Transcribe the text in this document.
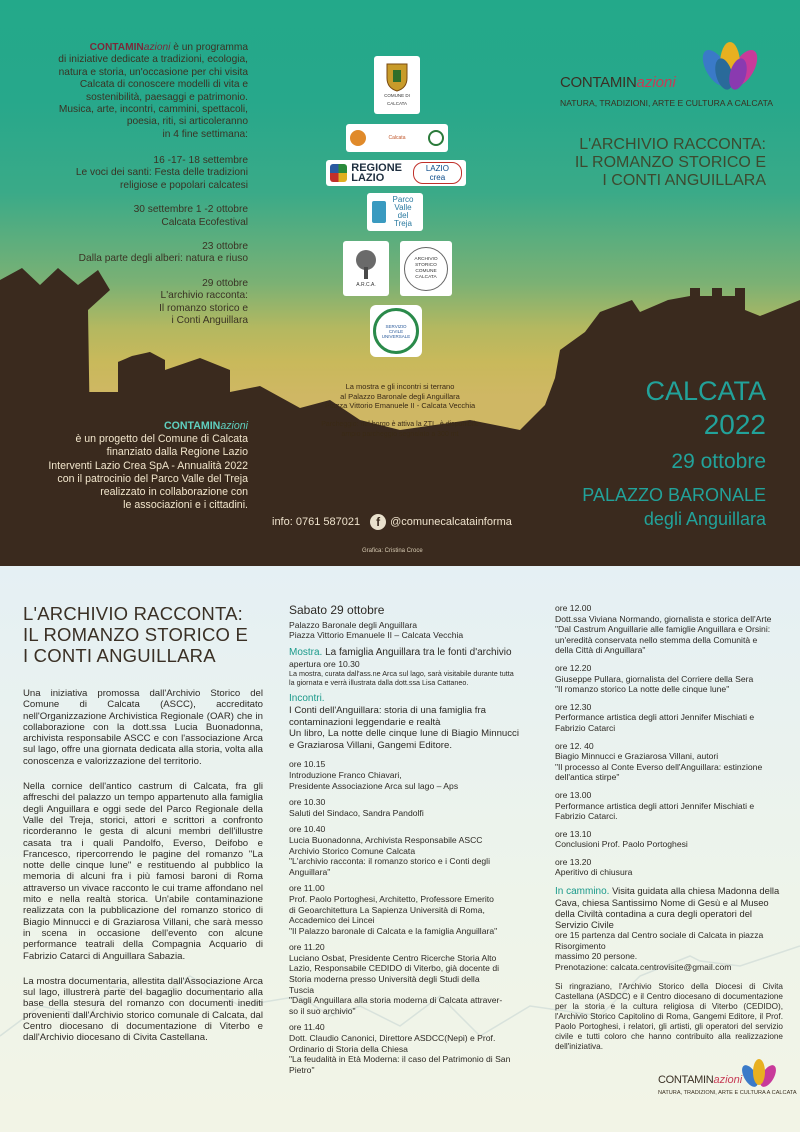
CONTAMINazioni è un programma
di iniziative dedicate a tradizioni, ecologia,
natura e storia, un'occasione per chi visita
Calcata di conoscere modelli di vita e
sostenibilità, paesaggi e patrimonio.
Musica, arte, incontri, cammini, spettacoli,
poesia, riti, si articoleranno
in 4 fine settimana:
16 -17- 18 settembre
Le voci dei santi: Festa delle tradizioni
religiose e popolari calcatesi
30 settembre 1 -2 ottobre
Calcata Ecofestival
23 ottobre
Dalla parte degli alberi: natura e riuso
29 ottobre
L'archivio racconta:
Il romanzo storico e
i Conti Anguillara
CONTAMINazioni
è un progetto del Comune di Calcata
finanziato dalla Regione Lazio
Interventi Lazio Crea SpA - Annualità 2022
con il patrocinio del Parco Valle del Treja
realizzato in collaborazione con
le associazioni e i cittadini.
COMUNE DI CALCATA
Calcata
REGIONE LAZIO
LAZIO crea
Parco Valle del Treja
A.R.C.A.
ARCHIVIO STORICO COMUNE CALCATA
SERVIZIO CIVILE UNIVERSALE
La mostra e gli incontri si terrano
al Palazzo Baronale degli Anguillara
Piazza Vittorio Emanuele II - Calcata Vecchia
Parcheggio: nel borgo è attiva la ZTL, è disponibile
ampio parcheggio segnalato a 300 mt
info: 0761 587021	f @comunecalcatainforma
Grafica: Cristina Croce
CONTAMIN azioni
NATURA, TRADIZIONI, ARTE E CULTURA A CALCATA
L'ARCHIVIO RACCONTA:
IL ROMANZO STORICO E
I CONTI ANGUILLARA
CALCATA
2022
29 ottobre
PALAZZO BARONALE
degli Anguillara
L'ARCHIVIO RACCONTA:
IL ROMANZO STORICO E
I CONTI ANGUILLARA

Una iniziativa promossa dall'Archivio Storico del Comune di Calcata (ASCC), accreditato nell'Organizzazione Archivistica Regionale (OAR) che in collaborazione con la dott.ssa Lucia Buonadonna, archivista responsabile ASCC e con l'associazione Arca sul lago, offre una giornata dedicata alla storia, volta alla conoscenza e valorizzazione del territorio.

Nella cornice dell'antico castrum di Calcata, fra gli affreschi del palazzo un tempo appartenuto alla famiglia degli Anguillara e oggi sede del Parco Regionale della Valle del Treja, storici, attori e scrittori a confronto ricorderanno le gesta di alcuni membri dell'illustre casata tra i quali Pandolfo, Everso, Deifobo e Francesco, ripercorrendo le pagine del romanzo "La notte delle cinque lune" e restituendo al pubblico la memoria di alcuni fra i più famosi baroni di Roma attraverso un vivace racconto le cui trame affondano nel mito e nella realtà storica. Un'abile contaminazione realizzata con la pubblicazione del romanzo storico di Biagio Minnucci e di Graziarosa Villani, che sarà messo in scena in occasione dell'evento con alcune performance teatrali della Compagnia Acquario di Fabrizio Catarci di Anguillara Sabazia.

La mostra documentaria, allestita dall'Associazione Arca sul lago, illustrerà parte del bagaglio documentario alla base della stesura del romanzo con documenti inediti provenienti dall'Archivio storico comunale di Calcata, dal Centro diocesano di documentazione di Viterbo e dall'Archivio diocesano di Civita Castellana.

Sabato 29 ottobre
Palazzo Baronale degli Anguillara
Piazza Vittorio Emanuele II – Calcata Vecchia
Mostra. La famiglia Anguillara tra le fonti d'archivio
apertura ore 10.30
La mostra, curata dall'ass.ne Arca sul lago, sarà visitabile durante tutta la giornata e verrà illustrata dalla dott.ssa Lisa Cattaneo.
Incontri.
I Conti dell'Anguillara: storia di una famiglia fra contaminazioni leggendarie e realtà
Un libro, La notte delle cinque lune di Biagio Minnucci e Graziarosa Villani, Gangemi Editore.
ore 10.15
Introduzione Franco Chiavari,
Presidente Associazione Arca sul lago – Aps
ore 10.30
Saluti del Sindaco, Sandra Pandolfi
ore 10.40
Lucia Buonadonna, Archivista Responsabile ASCC
Archivio Storico Comune Calcata
"L'archivio racconta: il romanzo storico e i Conti degli
Anguillara"
ore 11.00
Prof. Paolo Portoghesi, Architetto, Professore Emerito
di Geoarchitettura La Sapienza Università di Roma,
Accademico dei Lincei
"Il Palazzo baronale di Calcata e la famiglia Anguillara"
ore 11.20
Luciano Osbat, Presidente Centro Ricerche Storia Alto
Lazio, Responsabile CEDIDO di Viterbo, già docente di
Storia moderna presso Università degli Studi della
Tuscia
"Dagli Anguillara alla storia moderna di Calcata attraver-
so il suo archivio"
ore 11.40
Dott. Claudio Canonici, Direttore ASDCC(Nepi) e Prof.
Ordinario di Storia della Chiesa
"La feudalità in Età Moderna: il caso del Patrimonio di San
Pietro"
ore 12.00
Dott.ssa Viviana Normando, giornalista e storica dell'Arte
"Dal Castrum Anguillarie alle famiglie Anguillara e Orsini:
un'eredità conservata nello stemma della Comunità e
della Città di Anguillara"
ore 12.20
Giuseppe Pullara, giornalista del Corriere della Sera
"Il romanzo storico La notte delle cinque lune"
ore 12.30
Performance artistica degli attori Jennifer Mischiati e
Fabrizio Catarci
ore 12. 40
Biagio Minnucci e Graziarosa Villani, autori
"Il processo al Conte Everso dell'Anguillara: estinzione
dell'antica stirpe"
ore 13.00
Performance artistica degli attori Jennifer Mischiati e
Fabrizio Catarci.
ore 13.10
Conclusioni Prof. Paolo Portoghesi
ore 13.20
Aperitivo di chiusura
In cammino. Visita guidata alla chiesa Madonna della Cava, chiesa Santissimo Nome di Gesù e al Museo della Civiltà contadina a cura degli operatori del Servizio Civile
ore 15 partenza dal Centro sociale di Calcata in piazza
Risorgimento
massimo 20 persone.
Prenotazione: calcata.centrovisite@gmail.com
Si ringraziano, l'Archivio Storico della Diocesi di Civita Castellana (ASDCC) e il Centro diocesano di documentazione per la storia e la cultura religiosa di Viterbo (CEDIDO), l'Archivio Storico Capitolino di Roma, Gangemi Editore, il Prof. Paolo Portoghesi, i relatori, gli artisti, gli operatori del servizio civile e tutti coloro che hanno contribuito alla realizzazione dell'iniziativa.
CONTAMIN azioni
NATURA, TRADIZIONI, ARTE E CULTURA A CALCATA
